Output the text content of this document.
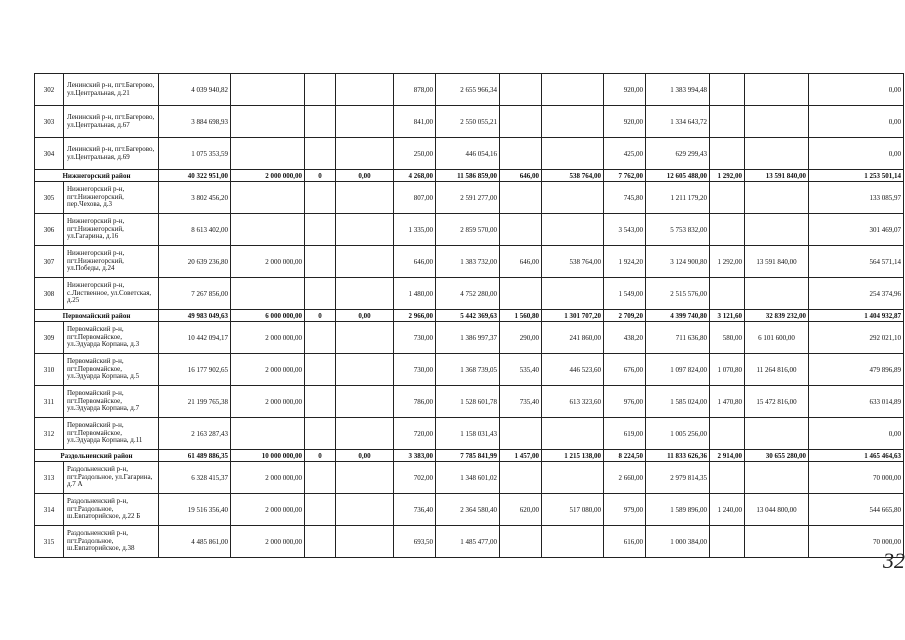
302	Ленинский р-н, пгт.Багерово, ул.Центральная, д.21	4 039 940,82				878,00	2 655 966,34			920,00	1 383 994,48			0,00
303	Ленинский р-н, пгт.Багерово, ул.Центральная, д.67	3 884 698,93				841,00	2 550 055,21			920,00	1 334 643,72			0,00
304	Ленинский р-н, пгт.Багерово, ул.Центральная, д.69	1 075 353,59				250,00	446 054,16			425,00	629 299,43			0,00
Нижнегорский район		40 322 951,00	2 000 000,00	0	0,00	4 268,00	11 586 859,00	646,00	538 764,00	7 762,00	12 605 488,00	1 292,00	13 591 840,00	1 253 501,14
305	Нижнегорский р-н, пгт.Нижнегорский, пер.Чехова, д.3	3 802 456,20				807,00	2 591 277,00			745,80	1 211 179,20			133 085,97
306	Нижнегорский р-н, пгт.Нижнегорский, ул.Гагарина, д.16	8 613 402,00				1 335,00	2 859 570,00			3 543,00	5 753 832,00			301 469,07
307	Нижнегорский р-н, пгт.Нижнегорский, ул.Победы, д.24	20 639 236,80	2 000 000,00			646,00	1 383 732,00	646,00	538 764,00	1 924,20	3 124 900,80	1 292,00	13 591 840,00	564 571,14
308	Нижнегорский р-н, с.Лиственное, ул.Советская, д.25	7 267 856,00				1 480,00	4 752 280,00			1 549,00	2 515 576,00			254 374,96
Первомайский район		49 983 049,63	6 000 000,00	0	0,00	2 966,00	5 442 369,63	1 560,80	1 301 707,20	2 709,20	4 399 740,80	3 121,60	32 839 232,00	1 404 932,87
309	Первомайский р-н, пгт.Первомайское, ул.Эдуарда Корпана, д.3	10 442 094,17	2 000 000,00			730,00	1 386 997,37	290,00	241 860,00	438,20	711 636,80	580,00	6 101 600,00	292 021,10
310	Первомайский р-н, пгт.Первомайское, ул.Эдуарда Корпана, д.5	16 177 902,65	2 000 000,00			730,00	1 368 739,05	535,40	446 523,60	676,00	1 097 824,00	1 070,80	11 264 816,00	479 896,89
311	Первомайский р-н, пгт.Первомайское, ул.Эдуарда Корпана, д.7	21 199 765,38	2 000 000,00			786,00	1 528 601,78	735,40	613 323,60	976,00	1 585 024,00	1 470,80	15 472 816,00	633 014,89
312	Первомайский р-н, пгт.Первомайское, ул.Эдуарда Корпана, д.11	2 163 287,43				720,00	1 158 031,43			619,00	1 005 256,00			0,00
Раздольненский район		61 489 886,35	10 000 000,00	0	0,00	3 383,00	7 785 841,99	1 457,00	1 215 138,00	8 224,50	11 833 626,36	2 914,00	30 655 280,00	1 465 464,63
313	Раздольненский р-н, пгт.Раздольное, ул.Гагарина, д.7 А	6 328 415,37	2 000 000,00			702,00	1 348 601,02			2 660,00	2 979 814,35			70 000,00
314	Раздольненский р-н, пгт.Раздольное, ш.Евпаторийское, д.22 Б	19 516 356,40	2 000 000,00			736,40	2 364 580,40	620,00	517 080,00	979,00	1 589 896,00	1 240,00	13 044 800,00	544 665,80
315	Раздольненский р-н, пгт.Раздольное, ш.Евпаторийское, д.38	4 485 861,00	2 000 000,00			693,50	1 485 477,00			616,00	1 000 384,00			70 000,00
32
